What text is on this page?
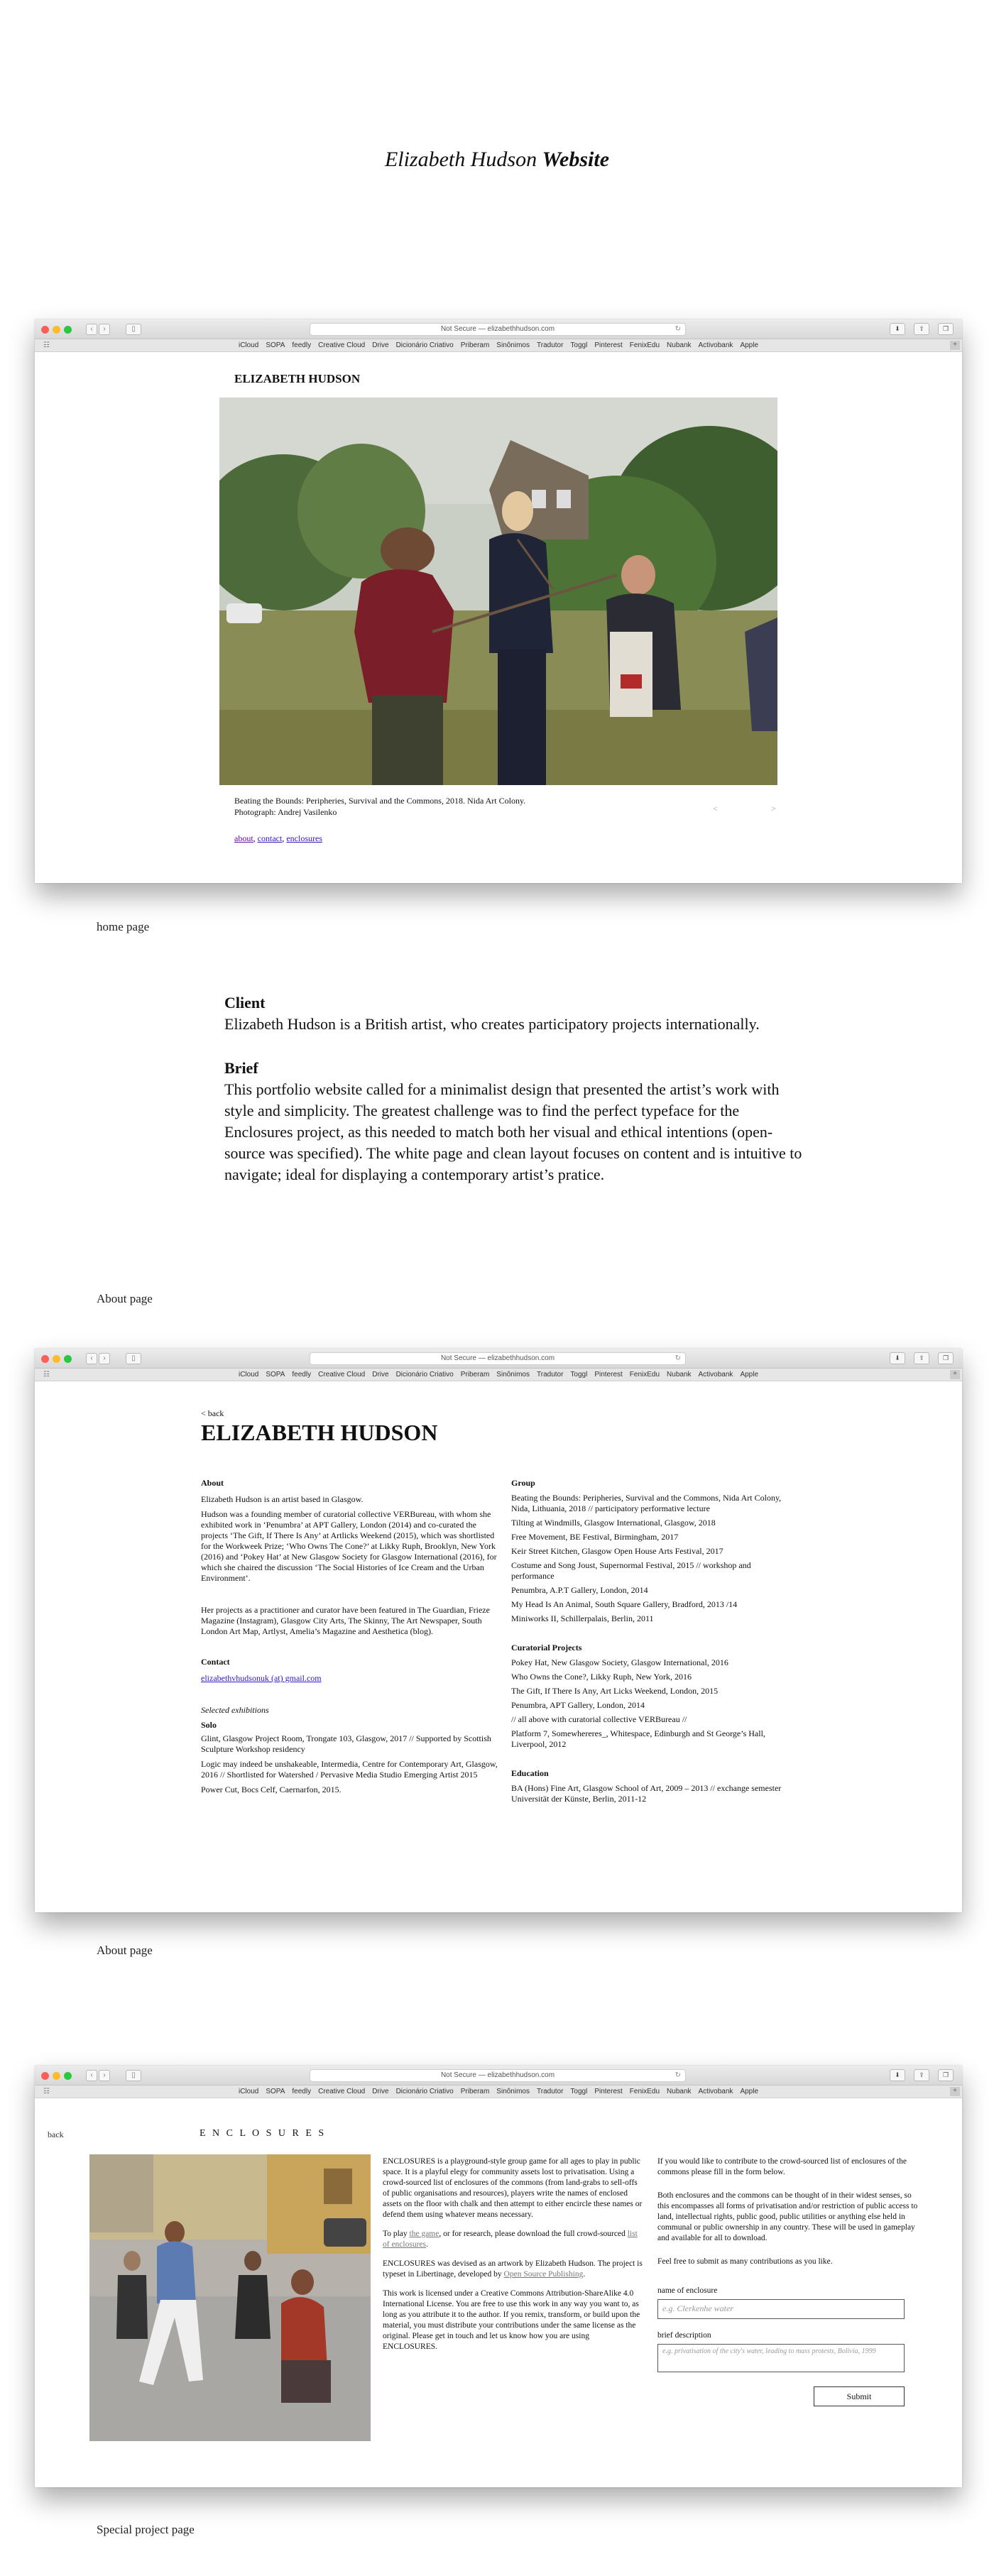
Elizabeth Hudson Website
‹	›	▯	Not Secure — elizabethhudson.com	↻	⬇	⇪	❐
☷	iCloud SOPA feedly Creative Cloud Drive Dicionário Criativo Priberam Sinônimos Tradutor Toggl Pinterest FenixEdu Nubank Activobank Apple	+
ELIZABETH HUDSON
Beating the Bounds: Peripheries, Survival and the Commons, 2018. Nida Art Colony.
Photograph: Andrej Vasilenko	<	>
about, contact, enclosures
home page
Client
Elizabeth Hudson is a British artist, who creates participatory projects internationally.
Brief
This portfolio website called for a minimalist design that presented the artist’s work with style and simplicity. The greatest challenge was to find the perfect typeface for the Enclosures project, as this needed to match both her visual and ethical intentions (open-source was specified). The white page and clean layout focuses on content and is intuitive to navigate; ideal for displaying a contemporary artist’s pratice.
About page
‹	›	▯	Not Secure — elizabethhudson.com	↻	⬇	⇪	❐
☷	iCloud SOPA feedly Creative Cloud Drive Dicionário Criativo Priberam Sinônimos Tradutor Toggl Pinterest FenixEdu Nubank Activobank Apple	+
< back
ELIZABETH HUDSON
About
Elizabeth Hudson is an artist based in Glasgow.
Hudson was a founding member of curatorial collective VERBureau, with whom she exhibited work in ‘Penumbra’ at APT Gallery, London (2014) and co-curated the projects ‘The Gift, If There Is Any’ at Artlicks Weekend (2015), which was shortlisted for the Workweek Prize; ‘Who Owns The Cone?’ at Likky Ruph, Brooklyn, New York (2016) and ‘Pokey Hat’ at New Glasgow Society for Glasgow International (2016), for which she chaired the discussion ‘The Social Histories of Ice Cream and the Urban Environment’.
Her projects as a practitioner and curator have been featured in The Guardian, Frieze Magazine (Instagram), Glasgow City Arts, The Skinny, The Art Newspaper, South London Art Map, Artlyst, Amelia’s Magazine and Aesthetica (blog).
Contact
elizabethvhudsonuk (at) gmail.com
Selected exhibitions
Solo
Glint, Glasgow Project Room, Trongate 103, Glasgow, 2017 // Supported by Scottish Sculpture Workshop residency
Logic may indeed be unshakeable, Intermedia, Centre for Contemporary Art, Glasgow, 2016 // Shortlisted for Watershed / Pervasive Media Studio Emerging Artist 2015
Power Cut, Bocs Celf, Caernarfon, 2015.
Group
Beating the Bounds: Peripheries, Survival and the Commons, Nida Art Colony, Nida, Lithuania, 2018 // participatory performative lecture
Tilting at Windmills, Glasgow International, Glasgow, 2018
Free Movement, BE Festival, Birmingham, 2017
Keir Street Kitchen, Glasgow Open House Arts Festival, 2017
Costume and Song Joust, Supernormal Festival, 2015 // workshop and performance
Penumbra, A.P.T Gallery, London, 2014
My Head Is An Animal, South Square Gallery, Bradford, 2013 /14
Miniworks II, Schillerpalais, Berlin, 2011
Curatorial Projects
Pokey Hat, New Glasgow Society, Glasgow International, 2016
Who Owns the Cone?, Likky Ruph, New York, 2016
The Gift, If There Is Any, Art Licks Weekend, London, 2015
Penumbra, APT Gallery, London, 2014
// all above with curatorial collective VERBureau //
Platform 7, Somewhereres_, Whitespace, Edinburgh and St George’s Hall, Liverpool, 2012
Education
BA (Hons) Fine Art, Glasgow School of Art, 2009 – 2013 // exchange semester Universität der Künste, Berlin, 2011-12
About page
‹	›	▯	Not Secure — elizabethhudson.com	↻	⬇	⇪	❐
☷	iCloud SOPA feedly Creative Cloud Drive Dicionário Criativo Priberam Sinônimos Tradutor Toggl Pinterest FenixEdu Nubank Activobank Apple	+
back	E N C L O S U R E S

ENCLOSURES is a playground-style group game for all ages to play in public space. It is a playful elegy for community assets lost to privatisation. Using a crowd-sourced list of enclosures of the commons (from land-grabs to sell-offs of public organisations and resources), players write the names of enclosed assets on the floor with chalk and then attempt to either encircle these names or defend them using whatever means necessary.

To play the game, or for research, please download the full crowd-sourced list of enclosures.

ENCLOSURES was devised as an artwork by Elizabeth Hudson. The project is typeset in Libertinage, developed by Open Source Publishing.

This work is licensed under a Creative Commons Attribution-ShareAlike 4.0 International License. You are free to use this work in any way you want to, as long as you attribute it to the author. If you remix, transform, or build upon the material, you must distribute your contributions under the same license as the original. Please get in touch and let us know how you are using ENCLOSURES.

If you would like to contribute to the crowd-sourced list of enclosures of the commons please fill in the form below.

Both enclosures and the commons can be thought of in their widest senses, so this encompasses all forms of privatisation and/or restriction of public access to land, intellectual rights, public good, public utilities or anything else held in communal or public ownership in any country. These will be used in gameplay and available for all to download.

Feel free to submit as many contributions as you like.

name of enclosure
e.g. Clerkenhe water
brief description
e.g. privatisation of the city's water, leading to mass protests, Bolivia, 1999
Submit
Special project page
